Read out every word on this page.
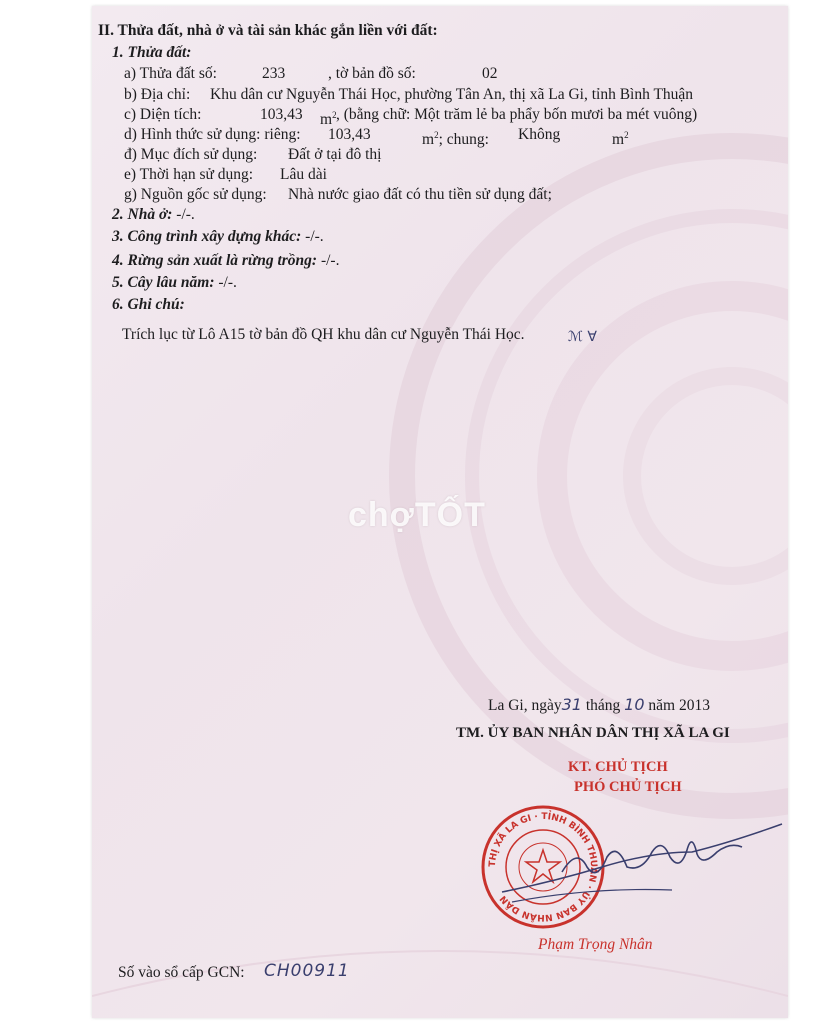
chợTỐT
II. Thửa đất, nhà ở và tài sản khác gắn liền với đất:
1. Thửa đất:
a) Thửa đất số:	233	, tờ bản đồ số:	02
b) Địa chỉ: Khu dân cư Nguyễn Thái Học, phường Tân An, thị xã La Gi, tỉnh Bình Thuận
c) Diện tích:	103,43 $m^2$ , (bằng chữ: Một trăm lẻ ba phẩy bốn mươi ba mét vuông)
d) Hình thức sử dụng: riêng: 103,43	$m^2$; chung: Không	$m^2$
đ) Mục đích sử dụng: Đất ở tại đô thị
e) Thời hạn sử dụng: Lâu dài
g) Nguồn gốc sử dụng: Nhà nước giao đất có thu tiền sử dụng đất;
2. Nhà ở: -/-.
3. Công trình xây dựng khác: -/-.
4. Rừng sản xuất là rừng trồng: -/-.
5. Cây lâu năm: -/-.
6. Ghi chú:
Trích lục từ Lô A15 tờ bản đồ QH khu dân cư Nguyễn Thái Học.	ℳ ∀
La Gi, ngày31 tháng 10 năm 2013
TM. ỦY BAN NHÂN DÂN THỊ XÃ LA GI
KT. CHỦ TỊCH
PHÓ CHỦ TỊCH
THỊ XÃ LA GI · TỈNH BÌNH THUẬN · ỦY BAN NHÂN DÂN
Phạm Trọng Nhân
Số vào sổ cấp GCN: CH00911
